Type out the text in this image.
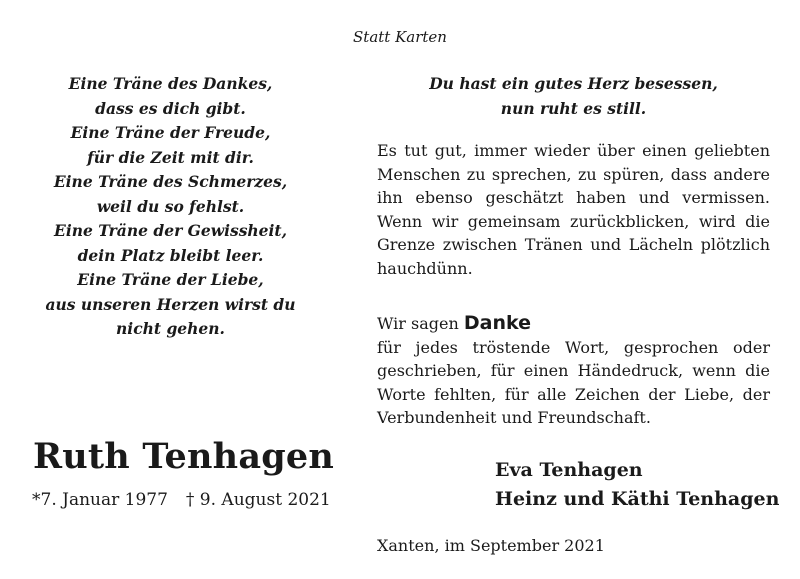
Statt Karten
Eine Träne des Dankes,
dass es dich gibt.
Eine Träne der Freude,
für die Zeit mit dir.
Eine Träne des Schmerzes,
weil du so fehlst.
Eine Träne der Gewissheit,
dein Platz bleibt leer.
Eine Träne der Liebe,
aus unseren Herzen wirst du
nicht gehen.
Ruth Tenhagen
*7. Januar 1977 † 9. August 2021
Du hast ein gutes Herz besessen,
nun ruht es still.
Es tut gut, immer wieder über einen geliebten Menschen zu sprechen, zu spüren, dass andere ihn ebenso geschätzt haben und vermissen. Wenn wir gemeinsam zurückblicken, wird die Grenze zwischen Tränen und Lächeln plötzlich hauchdünn.
Wir sagen Danke
für jedes tröstende Wort, gesprochen oder geschrieben, für einen Händedruck, wenn die Worte fehlten, für alle Zeichen der Liebe, der Verbundenheit und Freundschaft.
Eva Tenhagen
Heinz und Käthi Tenhagen
Xanten, im September 2021
